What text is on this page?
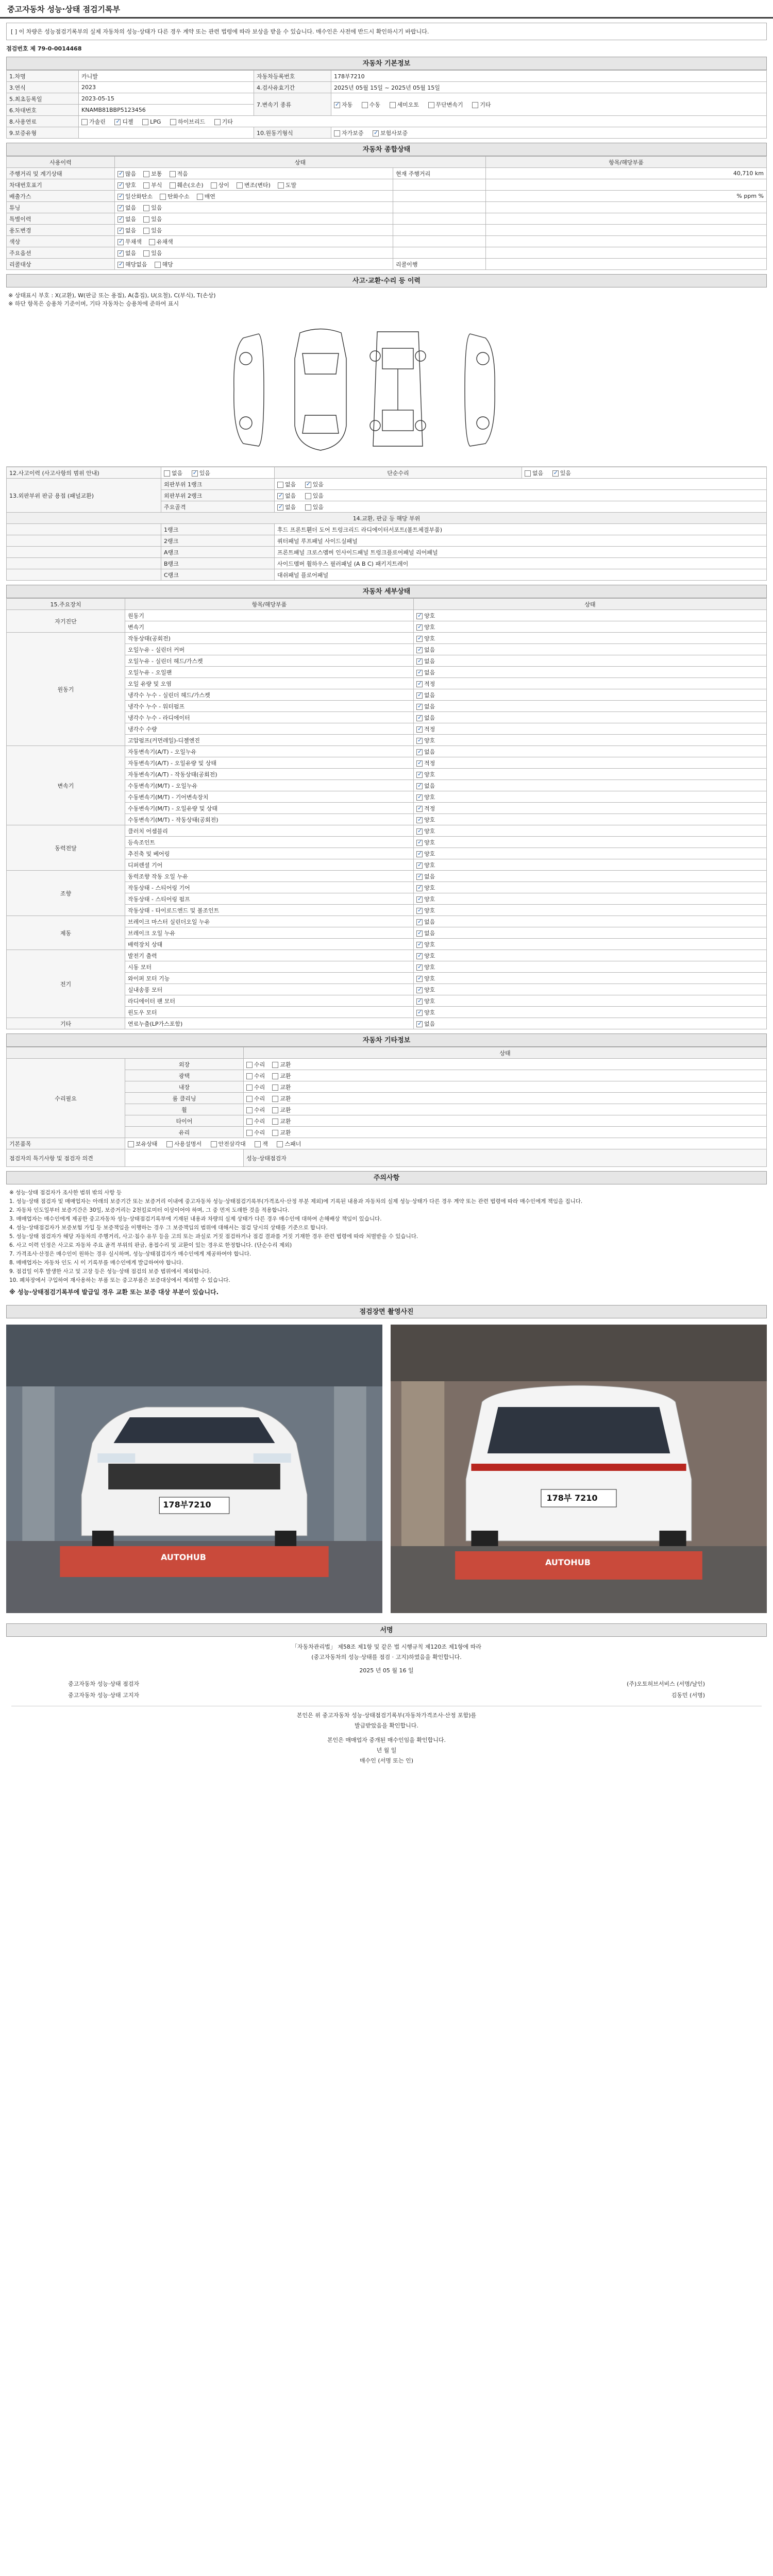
중고자동차 성능·상태 점검기록부
[ ] 이 차량은 성능점검기록부의 실제 자동차의 성능·상태가 다른 경우 계약 또는 관련 법령에 따라 보상을 받을 수 있습니다. 매수인은 사전에 반드시 확인하시기 바랍니다.
점검번호 제 79-0-0014468
자동차 기본정보
1.차명	카니발	자동차등록번호	178부7210
3.연식	2023	4.검사유효기간	2025년 05월 15일 ~ 2025년 05월 15일
5.최초등록일	2023-05-15	7.변속기 종류	✓자동 수동 세미오토 무단변속기 기타
6.차대번호	KNAMB81BBP5123456		
8.사용연료	가솔린 ✓ 디젤 LPG 하이브리드 기타
9.보증유형		10.원동기형식	자가보증 ✓ 보험사보증
자동차 종합상태
사용이력	상태		항목/해당부품
주행거리 및 계기상태	✓많음 보통 적음	현재 주행거리	40,710 km
차대번호표기	✓양호 부식 훼손(오손) 상이 변조(변타) 도말		
배출가스	✓일산화탄소 탄화수소 매연		% ppm %
튜닝	✓없음 있음		
특별이력	✓없음 있음		
용도변경	✓없음 있음		
색상	✓무채색 유채색		
주요옵션	✓없음 있음		
리콜대상	✓해당없음 해당	리콜이행	
사고·교환·수리 등 이력
※ 상태표시 부호 : X(교환), W(판금 또는 용접), A(흠집), U(요철), C(부식), T(손상)
※ 하단 항목은 승용차 기준이며, 기타 자동차는 승용차에 준하여 표시
12.사고이력 (사고사항의 범위 안내)	없음 ✓ 있음	단순수리	없음 ✓ 있음
13.외판부위 판금 용접 (패널교환)	외판부위 1랭크	없음 ✓ 있음
	외판부위 2랭크	✓없음 있음
	주요골격	✓없음 있음
14.교환, 판금 등 해당 부위			
	1랭크	후드 프론트휀더 도어 트렁크리드 라디에이터서포트(볼트체결부품)	
	2랭크	쿼터패널 루프패널 사이드실패널	
	A랭크	프론트패널 크로스멤버 인사이드패널 트렁크플로어패널 리어패널	
	B랭크	사이드멤버 휠하우스 필러패널 (A B C) 패키지트레이	
	C랭크	대쉬패널 플로어패널	
자동차 세부상태
15.주요장치	항목/해당부품	상태
자기진단	원동기	✓양호
	변속기	✓양호
원동기	작동상태(공회전)	✓양호
	오일누유 - 실린더 커버	✓없음
	오일누유 - 실린더 헤드/가스켓	✓없음
	오일누유 - 오일팬	✓없음
	오일 유량 및 오염	✓적정
	냉각수 누수 - 실린더 헤드/가스켓	✓없음
	냉각수 누수 - 워터펌프	✓없음
	냉각수 누수 - 라디에이터	✓없음
	냉각수 수량	✓적정
	고압펌프(커먼레일)-디젤엔진	✓양호
변속기	자동변속기(A/T) - 오일누유	✓없음
	자동변속기(A/T) - 오일유량 및 상태	✓적정
	자동변속기(A/T) - 작동상태(공회전)	✓양호
	수동변속기(M/T) - 오일누유	✓없음
	수동변속기(M/T) - 기어변속장치	✓양호
	수동변속기(M/T) - 오일유량 및 상태	✓적정
	수동변속기(M/T) - 작동상태(공회전)	✓양호
동력전달	클러치 어셈블리	✓양호
	등속조인트	✓양호
	추진축 및 베어링	✓양호
	디퍼렌셜 기어	✓양호
조향	동력조향 작동 오일 누유	✓없음
	작동상태 - 스티어링 기어	✓양호
	작동상태 - 스티어링 펌프	✓양호
	작동상태 - 타이로드엔드 및 볼조인트	✓양호
제동	브레이크 마스터 실린더오일 누유	✓없음
	브레이크 오일 누유	✓없음
	배력장치 상태	✓양호
전기	발전기 출력	✓양호
	시동 모터	✓양호
	와이퍼 모터 기능	✓양호
	실내송풍 모터	✓양호
	라디에이터 팬 모터	✓양호
	윈도우 모터	✓양호
기타	연료누출(LP가스포함)	✓없음
자동차 기타정보
		상태
수리필요	외장	수리 교환
	광택	수리 교환
	내장	수리 교환
	룸 클리닝	수리 교환
	휠	수리 교환
	타이어	수리 교환
	유리	수리 교환
기본품목	보유상태 사용설명서 안전삼각대 잭 스패너	
점검자의 특기사항 및 점검자 의견		성능·상태점검자
주의사항
※ 성능·상태 점검자가 조사한 범위 밖의 사항 등
1. 성능·상태 점검자 및 매매업자는 아래의 보증기간 또는 보증거리 이내에 중고자동차 성능·상태점검기록부(가격조사·산정 부분 제외)에 기록된 내용과 자동차의 실제 성능·상태가 다른 경우 계약 또는 관련 법령에 따라 매수인에게 책임을 집니다.
2. 자동차 인도일부터 보증기간은 30일, 보증거리는 2천킬로미터 이상이어야 하며, 그 중 먼저 도래한 것을 적용합니다.
3. 매매업자는 매수인에게 제공한 중고자동차 성능·상태점검기록부에 기재된 내용과 차량의 실제 상태가 다른 경우 매수인에 대하여 손해배상 책임이 있습니다.
4. 성능·상태점검자가 보증보험 가입 등 보증책임을 이행하는 경우 그 보증책임의 범위에 대해서는 점검 당시의 상태를 기준으로 합니다.
5. 성능·상태 점검자가 해당 자동차의 주행거리, 사고·침수 유무 등을 고의 또는 과실로 거짓 점검하거나 점검 결과를 거짓 기재한 경우 관련 법령에 따라 처벌받을 수 있습니다.
6. 사고 이력 인정은 사고로 자동차 주요 골격 부위의 판금, 용접수리 및 교환이 있는 경우로 한정합니다. (단순수리 제외)
7. 가격조사·산정은 매수인이 원하는 경우 실시하며, 성능·상태점검자가 매수인에게 제공하여야 합니다.
8. 매매업자는 자동차 인도 시 이 기록부를 매수인에게 발급하여야 합니다.
9. 점검일 이후 발생한 사고 및 고장 등은 성능·상태 점검의 보증 범위에서 제외합니다.
10. 폐차장에서 구입하여 재사용하는 부품 또는 중고부품은 보증대상에서 제외할 수 있습니다.
※ 성능·상태점검기록부에 발급일 경우 교환 또는 보증 대상 부분이 있습니다.
점검장면 촬영사진
178부7210
AUTOHUB
178부 7210
AUTOHUB
서명
「자동차관리법」 제58조 제1항 및 같은 법 시행규칙 제120조 제1항에 따라
(중고자동차의 성능·상태를 점검 · 고지)하였음을 확인합니다.
2025 년 05 월 16 일
중고자동차 성능·상태 점검자	(주)오토허브서비스 (서명/날인)
중고자동차 성능·상태 고지자	김동민 (서명)
본인은 위 중고자동차 성능·상태점검기록부(자동차가격조사·산정 포함)를
발급받았음을 확인합니다.
본인은 매매업자 중개된 매수인임을 확인합니다.
년 월 일
매수인 (서명 또는 인)
